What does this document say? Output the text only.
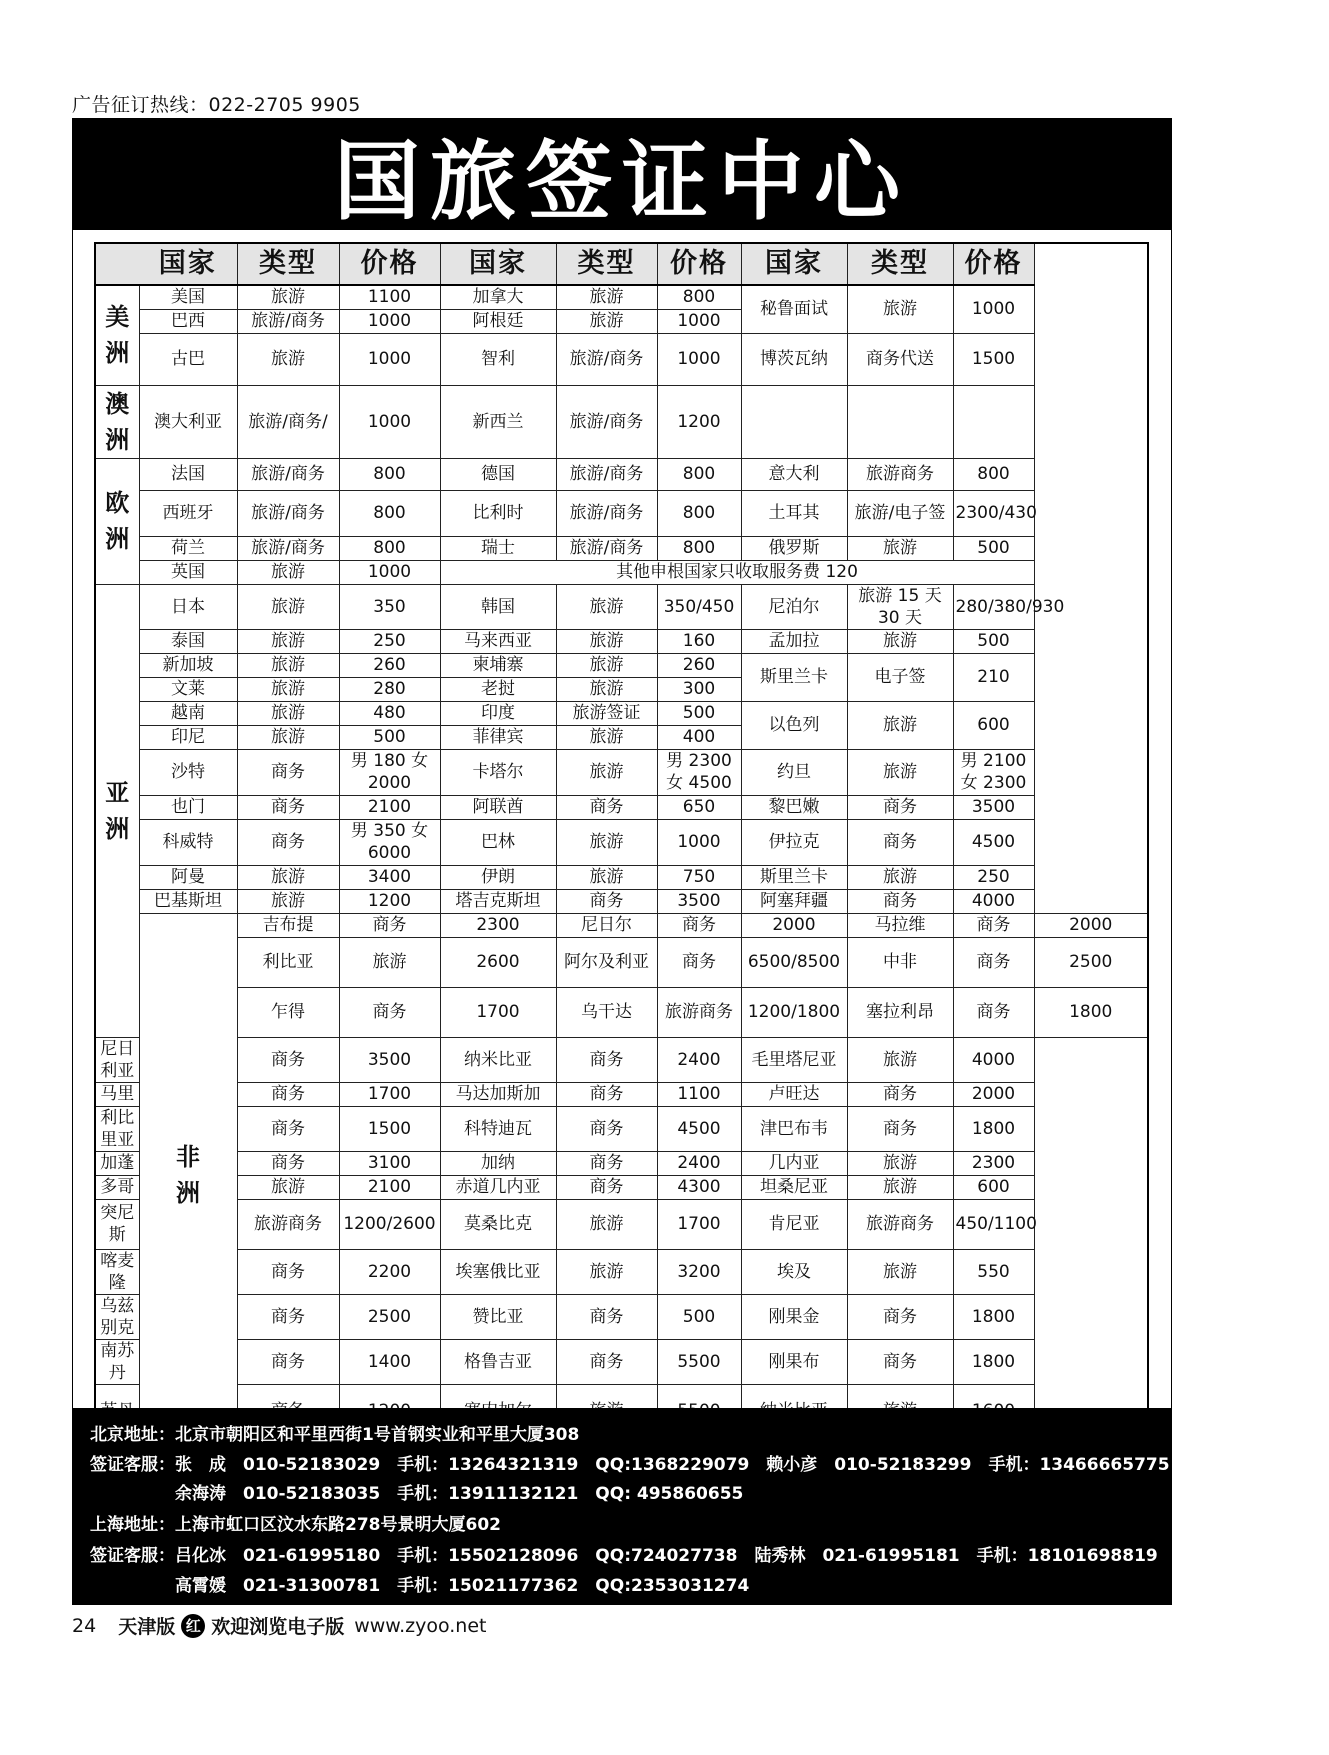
广告征订热线：022-2705 9905
国旅签证中心
	国家	类型	价格	国家	类型	价格	国家	类型	价格	

美洲	美国	旅游	1100	加拿大	旅游	800	秘鲁面试	旅游	1000	
	巴西	旅游/商务	1000	阿根廷	旅游	1000				
	古巴	旅游	1000	智利	旅游/商务	1000	博茨瓦纳	商务代送	1500	

澳洲	澳大利亚	旅游/商务/	1000	新西兰	旅游/商务	1200				

欧洲	法国	旅游/商务	800	德国	旅游/商务	800	意大利	旅游商务	800	
	西班牙	旅游/商务	800	比利时	旅游/商务	800	土耳其	旅游/电子签	2300/430	
	荷兰	旅游/商务	800	瑞士	旅游/商务	800	俄罗斯	旅游	500	
	英国	旅游	1000	其他申根国家只收取服务费 120						

亚洲	日本	旅游	350	韩国	旅游	350/450	尼泊尔	旅游 15 天 30 天	280/380/930	
	泰国	旅游	250	马来西亚	旅游	160	孟加拉	旅游	500	
	新加坡	旅游	260	柬埔寨	旅游	260	斯里兰卡	电子签	210	
	文莱	旅游	280	老挝	旅游	300				
	越南	旅游	480	印度	旅游签证	500	以色列	旅游	600	
	印尼	旅游	500	菲律宾	旅游	400				
	沙特	商务	男 180 女 2000	卡塔尔	旅游	男 2300 女 4500	约旦	旅游	男 2100 女 2300	
	也门	商务	2100	阿联酋	商务	650	黎巴嫩	商务	3500	
	科威特	商务	男 350 女 6000	巴林	旅游	1000	伊拉克	商务	4500	
	阿曼	旅游	3400	伊朗	旅游	750	斯里兰卡	旅游	250	
	巴基斯坦	旅游	1200	塔吉克斯坦	商务	3500	阿塞拜疆	商务	4000	

	非洲	吉布提	商务	2300	尼日尔	商务	2000	马拉维	商务	2000
		利比亚	旅游	2600	阿尔及利亚	商务	6500/8500	中非	商务	2500
		乍得	商务	1700	乌干达	旅游商务	1200/1800	塞拉利昂	商务	1800
尼日利亚		商务	3500	纳米比亚	商务	2400	毛里塔尼亚	旅游	4000	
马里		商务	1700	马达加斯加	商务	1100	卢旺达	商务	2000	
利比里亚		商务	1500	科特迪瓦	商务	4500	津巴布韦	商务	1800	
加蓬		商务	3100	加纳	商务	2400	几内亚	旅游	2300	
多哥		旅游	2100	赤道几内亚	商务	4300	坦桑尼亚	旅游	600	
突尼斯		旅游商务	1200/2600	莫桑比克	旅游	1700	肯尼亚	旅游商务	450/1100	
喀麦隆		商务	2200	埃塞俄比亚	旅游	3200	埃及	旅游	550	
乌兹别克		商务	2500	赞比亚	商务	500	刚果金	商务	1800	
南苏丹		商务	1400	格鲁吉亚	商务	5500	刚果布	商务	1800	

北京地址：北京市朝阳区和平里西街1号首钢实业和平里大厦308
签证客服：张　成　010-52183029　手机：13264321319　QQ:1368229079　赖小彦　010-52183299　手机：13466665775　QQ:113417035
　　　　　余海涛　010-52183035　手机：13911132121　QQ: 495860655
上海地址：上海市虹口区汶水东路278号景明大厦602
签证客服：吕化冰　021-61995180　手机：15502128096　QQ:724027738　陆秀林　021-61995181　手机：18101698819　QQ:2974659336
　　　　　高霄媛　021-31300781　手机：15021177362　QQ:2353031274
24 天津版 红 欢迎浏览电子版 www.zyoo.net
